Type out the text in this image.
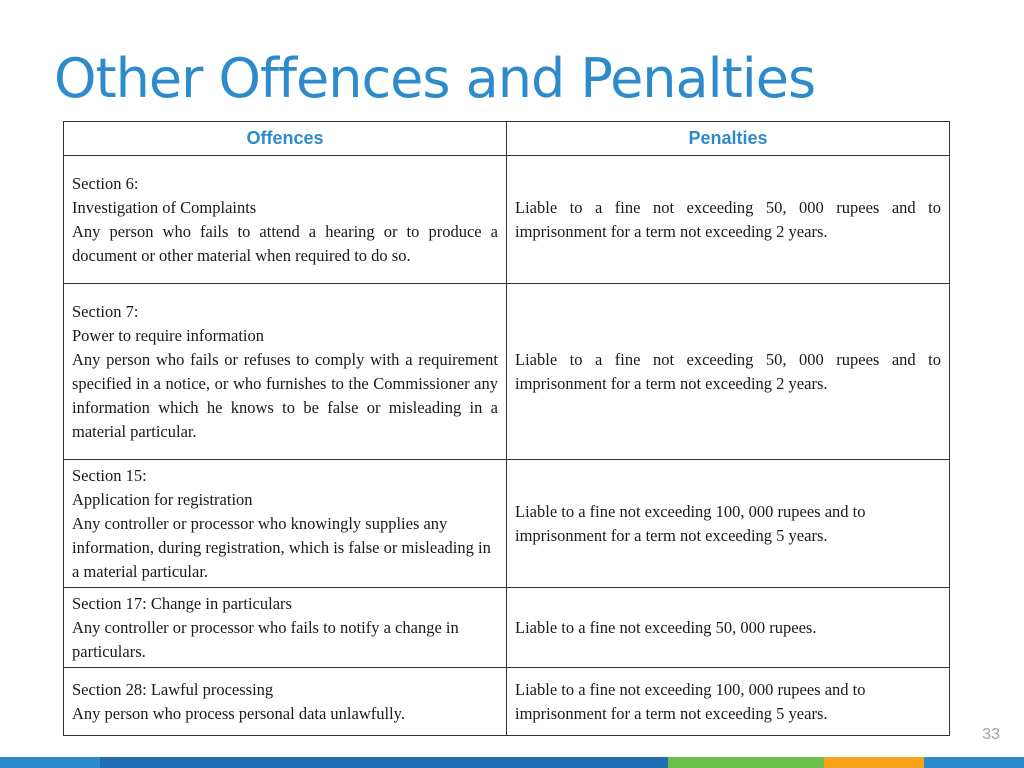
Other Offences and Penalties
Offences	Penalties

Section 6:
Investigation of Complaints
Any person who fails to attend a hearing or to produce a document or other material when required to do so.	Liable to a fine not exceeding 50, 000 rupees and to imprisonment for a term not exceeding 2 years.

Section 7:
Power to require information
Any person who fails or refuses to comply with a requirement specified in a notice, or who furnishes to the Commissioner any information which he knows to be false or misleading in a material particular.	Liable to a fine not exceeding 50, 000 rupees and to imprisonment for a term not exceeding 2 years.

Section 15:
Application for registration
Any controller or processor who knowingly supplies any information, during registration, which is false or misleading in a material particular.	Liable to a fine not exceeding 100, 000 rupees and to imprisonment for a term not exceeding 5 years.

Section 17: Change in particulars
Any controller or processor who fails to notify a change in particulars.	Liable to a fine not exceeding 50, 000 rupees.

Section 28: Lawful processing
Any person who process personal data unlawfully.	Liable to a fine not exceeding 100, 000 rupees and to imprisonment for a term not exceeding 5 years.
33
